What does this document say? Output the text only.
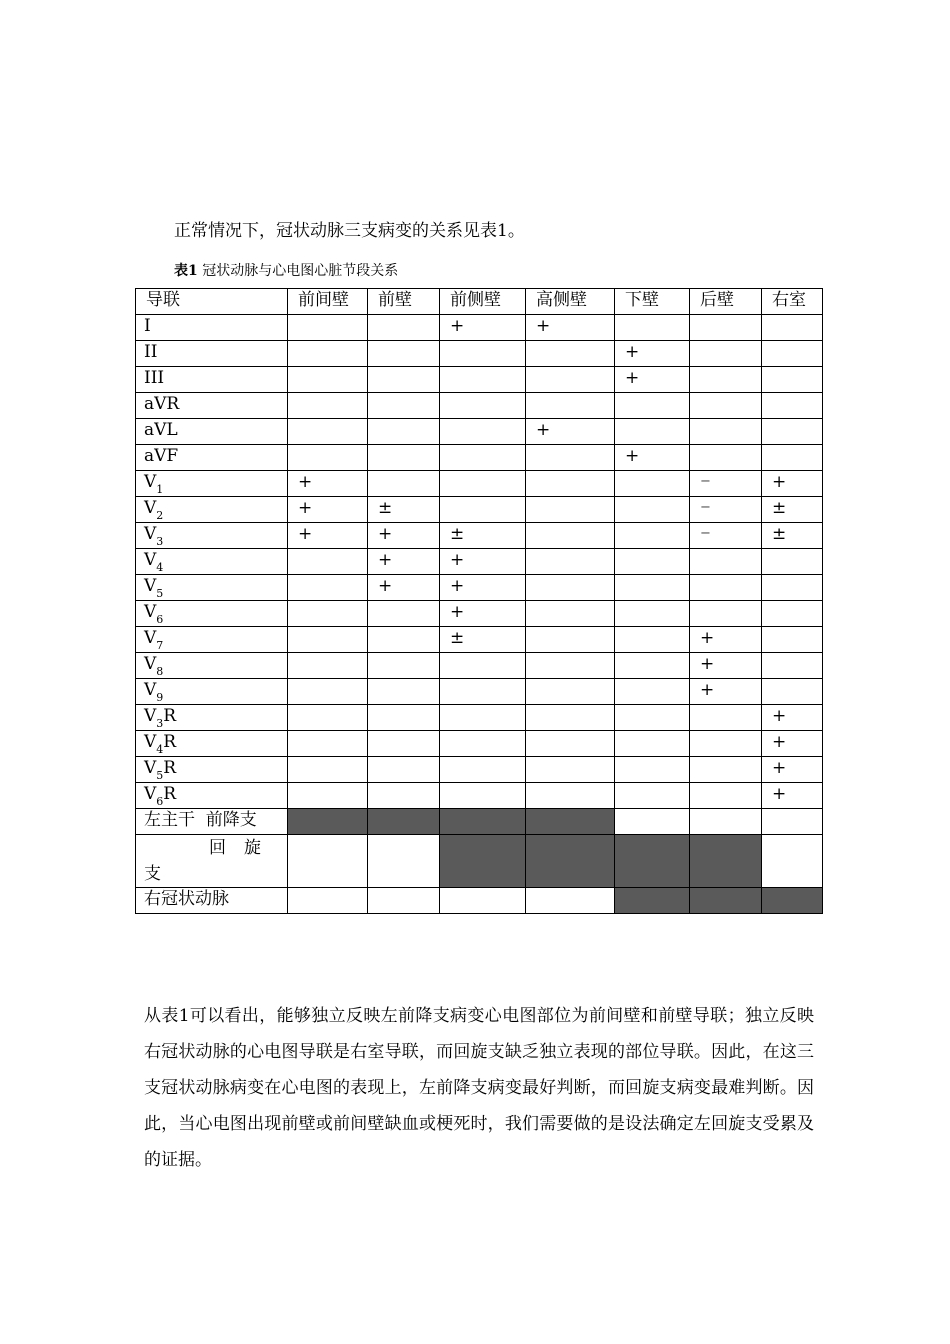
正常情况下，冠状动脉三支病变的关系见表1。

表1 冠状动脉与心电图心脏节段关系
导联	前间壁	前壁	前侧壁	高侧壁	下壁	后壁	右室
I			+	+			
II					+		
III					+		
aVR							
aVL				+			
aVF					+		
$V_1$	+					−	+
$V_2$	+	±				−	±
$V_3$	+	+	±			−	±
$V_4$		+	+				
$V_5$		+	+				
$V_6$			+				
$V_7$			±			+	
$V_8$						+	
$V_9$						+	
$V_3R$							+
$V_4R$							+
$V_5R$							+
$V_6R$							+
左主干  前降支							

回旋
支							

右冠状动脉							

从表1可以看出，能够独立反映左前降支病变心电图部位为前间壁和前壁导联；独立反映右冠状动脉的心电图导联是右室导联，而回旋支缺乏独立表现的部位导联。因此，在这三支冠状动脉病变在心电图的表现上，左前降支病变最好判断，而回旋支病变最难判断。因此，当心电图出现前壁或前间壁缺血或梗死时，我们需要做的是设法确定左回旋支受累及的证据。
